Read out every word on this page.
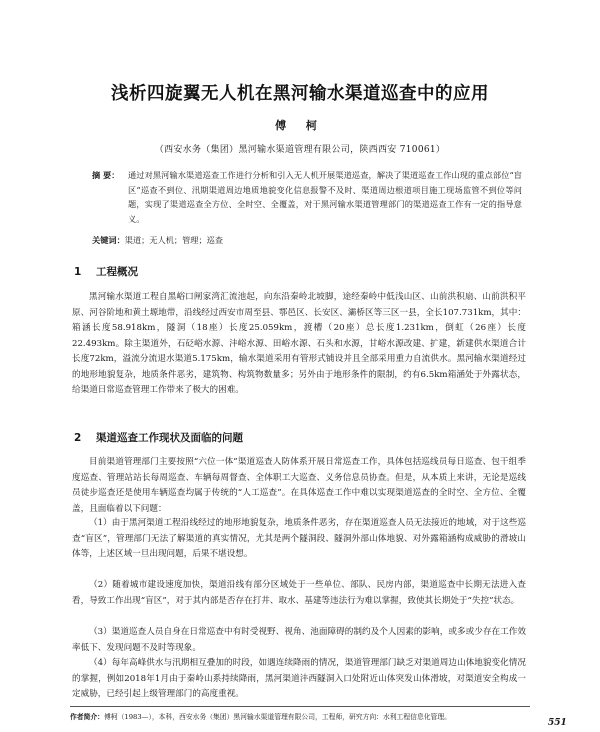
浅析四旋翼无人机在黑河输水渠道巡查中的应用
傅 柯
（西安水务（集团）黑河输水渠道管理有限公司，陕西西安 710061）
摘 要： 通过对黑河输水渠道巡查工作进行分析和引入无人机开展渠道巡查，解决了渠道巡查工作山现的重点部位“盲区”巡查不到位、汛期渠道周边地质地貌变化信息报警不及时、渠道周边根道项目施工现场监管不到位等问题，实现了渠道巡查全方位、全时空、全覆盖，对于黑河输水渠道管理部门的渠道巡查工作有一定的指导意义。
关键词：渠道；无人机；管理；巡查
1 工程概况

黑河输水渠道工程自黑峪口闸家湾汇流池起，向东沿秦岭北坡脚，途经秦岭中低浅山区、山前洪积扇、山前洪积平原、河谷阶地和黄土塬地带，沿线经过西安市周至县、鄠邑区、长安区、灞桥区等三区一县，全长107.731km，其中：箱涵长度58.918km，隧洞（18座）长度25.059km，渡槽（20座）总长度1.231km，倒虹（26座）长度22.493km。除主渠道外，石砭峪水源、沣峪水源、田峪水源、石头和水源，甘峪水源改建、扩建，新建供水渠道合计长度72km，溢流分流退水渠道5.175km，输水渠道采用有管形式铺设并且全部采用重力自流供水。黑河输水渠道经过的地形地貌复杂，地质条件恶劣，建筑物、构筑物数量多；另外由于地形条件的限制，约有6.5km箱涵处于外露状态，给渠道日常巡查管理工作带来了极大的困难。

2 渠道巡查工作现状及面临的问题

目前渠道管理部门主要按照“六位一体”渠道巡查人防体系开展日常巡查工作，具体包括巡线员每日巡查、包干组季度巡查、管理站站长每周巡查、车辆每周督查、全体职工大巡查、义务信息员协查。但是，从本质上来讲，无论是巡线员徒步巡查还是使用车辆巡查均属于传统的“人工巡查”。在具体巡查工作中难以实现渠道巡查的全时空、全方位、全覆盖，且面临着以下问题：

（1）由于黑河渠道工程沿线经过的地形地貌复杂，地质条件恶劣，存在渠道巡查人员无法接近的地域，对于这些巡查“盲区”，管理部门无法了解渠道的真实情况，尤其是两个隧洞段、隧洞外部山体地貌、对外露箱涵构成威胁的滑坡山体等，上述区域一旦出现问题，后果不堪设想。

（2）随着城市建设速度加快，渠道沿线有部分区域处于一些单位、部队、民房内部，渠道巡查中长期无法进入查看，导致工作出现“盲区”，对于其内部是否存在打井、取水、基建等违法行为难以掌握，致使其长期处于“失控”状态。

（3）渠道巡查人员自身在日常巡查中有时受视野、视角、池面障碍的制约及个人因素的影响，或多或少存在工作效率低下、发现问题不及时等现象。

（4）每年高峰供水与汛期相互叠加的时段，如遇连续降雨的情况，渠道管理部门缺乏对渠道周边山体地貌变化情况的掌握，例如2018年1月由于秦岭山系持续降雨，黑河渠道沣西隧洞入口处附近山体突发山体滑坡，对渠道安全构成一定威胁，已经引起上级管理部门的高度重视。

作者简介：傅柯（1983—），本科，西安水务（集团）黑河输水渠道管理有限公司，工程师，研究方向：水利工程信息化管理。
551
